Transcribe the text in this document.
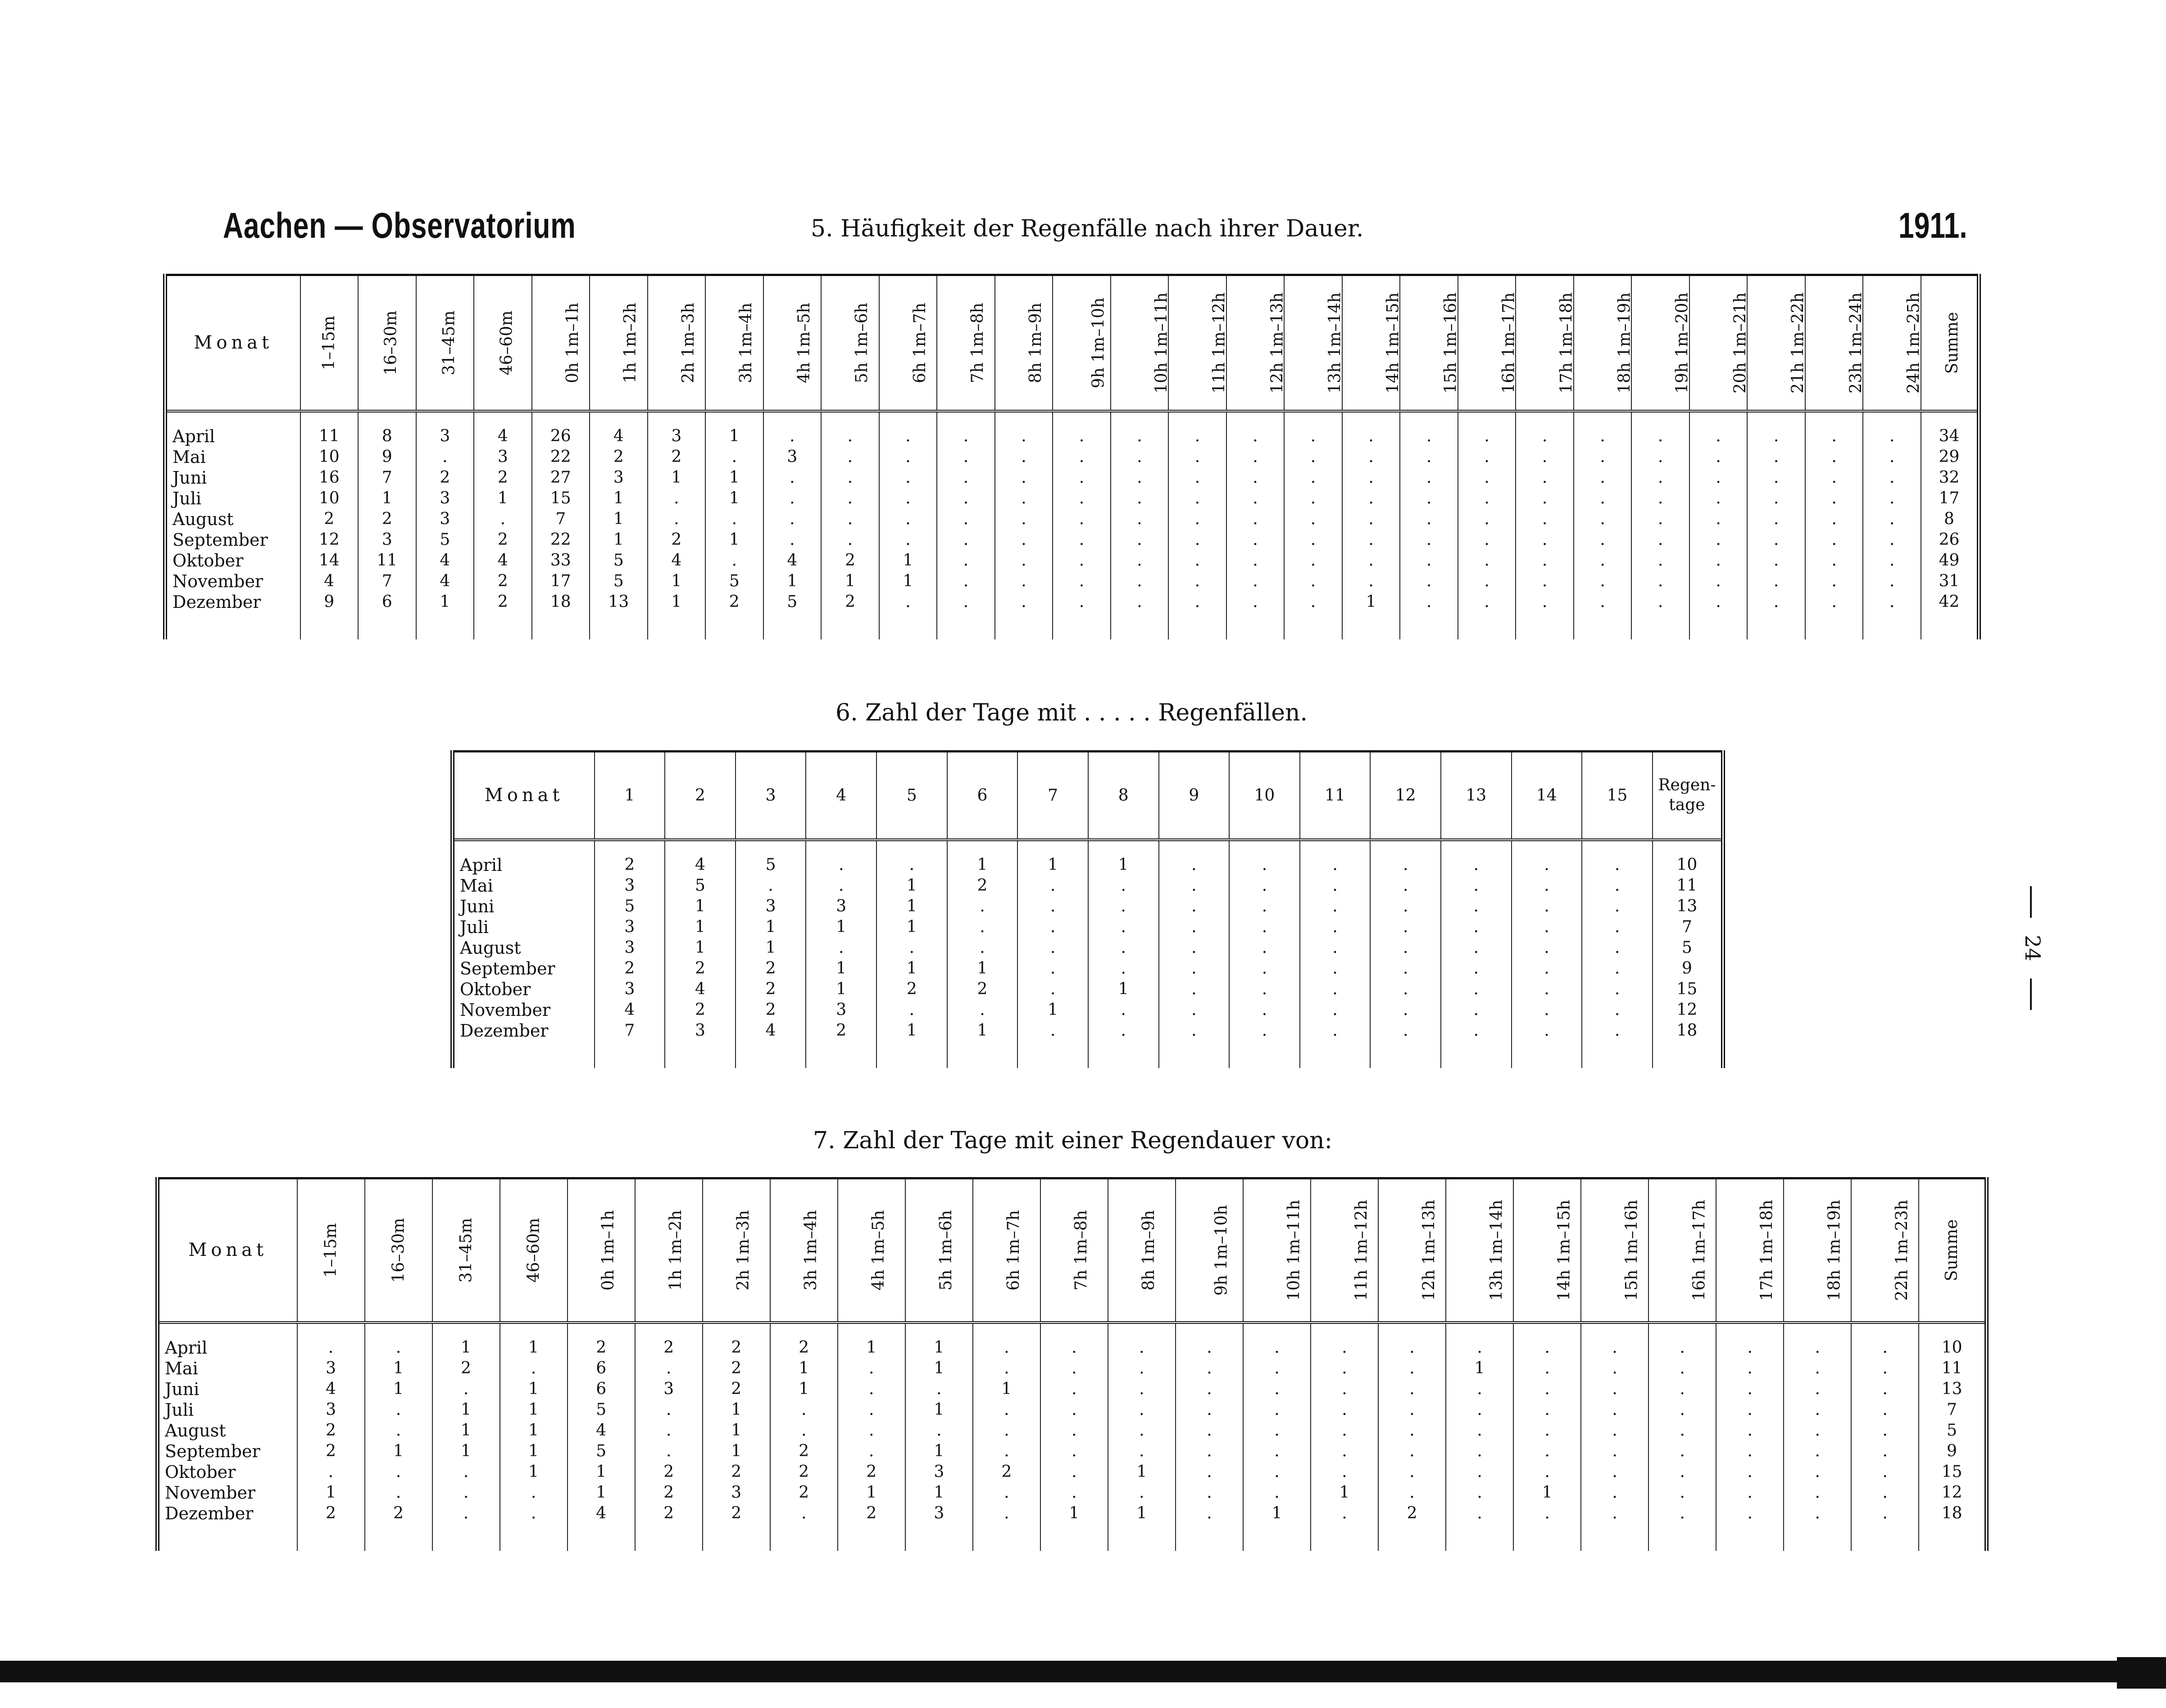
Aachen — Observatorium	5. Häufigkeit der Regenfälle nach ihrer Dauer.	1911.
24
Monat	1–15m	16–30m	31–45m	46–60m	0h 1m–1h	1h 1m–2h	2h 1m–3h	3h 1m–4h	4h 1m–5h	5h 1m–6h	6h 1m–7h	7h 1m–8h	8h 1m–9h	9h 1m–10h	10h 1m–11h	11h 1m–12h	12h 1m–13h	13h 1m–14h	14h 1m–15h	15h 1m–16h	16h 1m–17h	17h 1m–18h	18h 1m–19h	19h 1m–20h	20h 1m–21h	21h 1m–22h	23h 1m–24h	24h 1m–25h	Summe

April	11	8	3	4	26	4	3	1	.	.	.	.	.	.	.	.	.	.	.	.	.	.	.	.	.	.	.	.	34
Mai	10	9	.	3	22	2	2	.	3	.	.	.	.	.	.	.	.	.	.	.	.	.	.	.	.	.	.	.	29
Juni	16	7	2	2	27	3	1	1	.	.	.	.	.	.	.	.	.	.	.	.	.	.	.	.	.	.	.	.	32
Juli	10	1	3	1	15	1	.	1	.	.	.	.	.	.	.	.	.	.	.	.	.	.	.	.	.	.	.	.	17
August	2	2	3	.	7	1	.	.	.	.	.	.	.	.	.	.	.	.	.	.	.	.	.	.	.	.	.	.	8
September	12	3	5	2	22	1	2	1	.	.	.	.	.	.	.	.	.	.	.	.	.	.	.	.	.	.	.	.	26
Oktober	14	11	4	4	33	5	4	.	4	2	1	.	.	.	.	.	.	.	.	.	.	.	.	.	.	.	.	.	49
November	4	7	4	2	17	5	1	5	1	1	1	.	.	.	.	.	.	.	.	.	.	.	.	.	.	.	.	.	31
Dezember	9	6	1	2	18	13	1	2	5	2	.	.	.	.	.	.	.	.	1	.	.	.	.	.	.	.	.	.	42

6. Zahl der Tage mit . . . . . Regenfällen.
Monat	1	2	3	4	5	6	7	8	9	10	11	12	13	14	15	Regen-
tage

April	2	4	5	.	.	1	1	1	.	.	.	.	.	.	.	10
Mai	3	5	.	.	1	2	.	.	.	.	.	.	.	.	.	11
Juni	5	1	3	3	1	.	.	.	.	.	.	.	.	.	.	13
Juli	3	1	1	1	1	.	.	.	.	.	.	.	.	.	.	7
August	3	1	1	.	.	.	.	.	.	.	.	.	.	.	.	5
September	2	2	2	1	1	1	.	.	.	.	.	.	.	.	.	9
Oktober	3	4	2	1	2	2	.	1	.	.	.	.	.	.	.	15
November	4	2	2	3	.	.	1	.	.	.	.	.	.	.	.	12
Dezember	7	3	4	2	1	1	.	.	.	.	.	.	.	.	.	18

7. Zahl der Tage mit einer Regendauer von:
Monat	1–15m	16–30m	31–45m	46–60m	0h 1m–1h	1h 1m–2h	2h 1m–3h	3h 1m–4h	4h 1m–5h	5h 1m–6h	6h 1m–7h	7h 1m–8h	8h 1m–9h	9h 1m–10h	10h 1m–11h	11h 1m–12h	12h 1m–13h	13h 1m–14h	14h 1m–15h	15h 1m–16h	16h 1m–17h	17h 1m–18h	18h 1m–19h	22h 1m–23h	Summe

April	.	.	1	1	2	2	2	2	1	1	.	.	.	.	.	.	.	.	.	.	.	.	.	.	10
Mai	3	1	2	.	6	.	2	1	.	1	.	.	.	.	.	.	.	1	.	.	.	.	.	.	11
Juni	4	1	.	1	6	3	2	1	.	.	1	.	.	.	.	.	.	.	.	.	.	.	.	.	13
Juli	3	.	1	1	5	.	1	.	.	1	.	.	.	.	.	.	.	.	.	.	.	.	.	.	7
August	2	.	1	1	4	.	1	.	.	.	.	.	.	.	.	.	.	.	.	.	.	.	.	.	5
September	2	1	1	1	5	.	1	2	.	1	.	.	.	.	.	.	.	.	.	.	.	.	.	.	9
Oktober	.	.	.	1	1	2	2	2	2	3	2	.	1	.	.	.	.	.	.	.	.	.	.	.	15
November	1	.	.	.	1	2	3	2	1	1	.	.	.	.	.	1	.	.	1	.	.	.	.	.	12
Dezember	2	2	.	.	4	2	2	.	2	3	.	1	1	.	1	.	2	.	.	.	.	.	.	.	18
